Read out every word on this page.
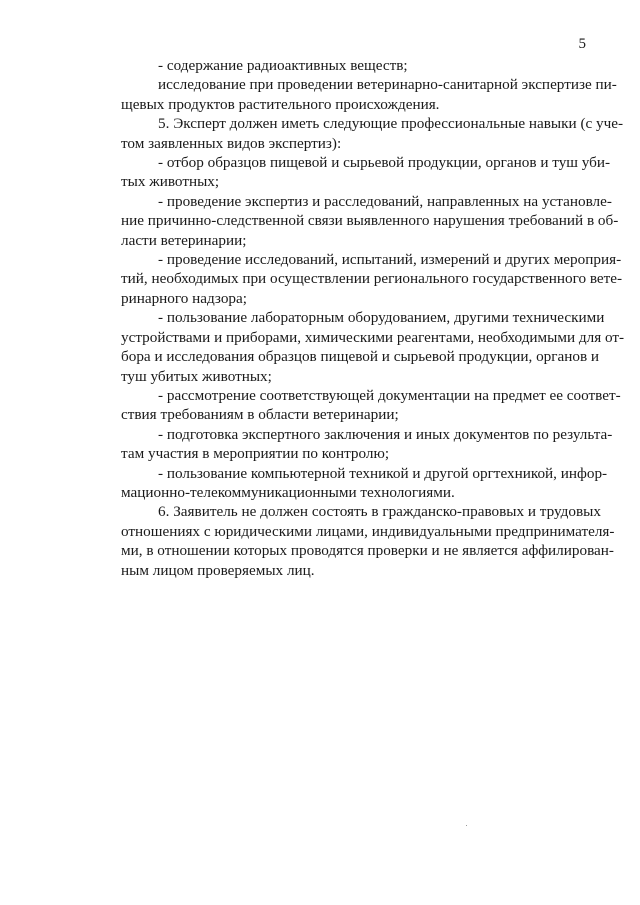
5
- содержание радиоактивных веществ;
исследование при проведении ветеринарно-санитарной экспертизе пи-
щевых продуктов растительного происхождения.
5. Эксперт должен иметь следующие профессиональные навыки (с уче-
том заявленных видов экспертиз):
- отбор образцов пищевой и сырьевой продукции, органов и туш уби-
тых животных;
- проведение экспертиз и расследований, направленных на установле-
ние причинно-следственной связи выявленного нарушения требований в об-
ласти ветеринарии;
- проведение исследований, испытаний, измерений и других мероприя-
тий, необходимых при осуществлении регионального государственного вете-
ринарного надзора;
- пользование лабораторным оборудованием, другими техническими
устройствами и приборами, химическими реагентами, необходимыми для от-
бора и исследования образцов пищевой и сырьевой продукции, органов и
туш убитых животных;
- рассмотрение соответствующей документации на предмет ее соответ-
ствия требованиям в области ветеринарии;
- подготовка экспертного заключения и иных документов по результа-
там участия в мероприятии по контролю;
- пользование компьютерной техникой и другой оргтехникой, инфор-
мационно-телекоммуникационными технологиями.
6. Заявитель не должен состоять в гражданско-правовых и трудовых
отношениях с юридическими лицами, индивидуальными предпринимателя-
ми, в отношении которых проводятся проверки и не является аффилирован-
ным лицом проверяемых лиц.
